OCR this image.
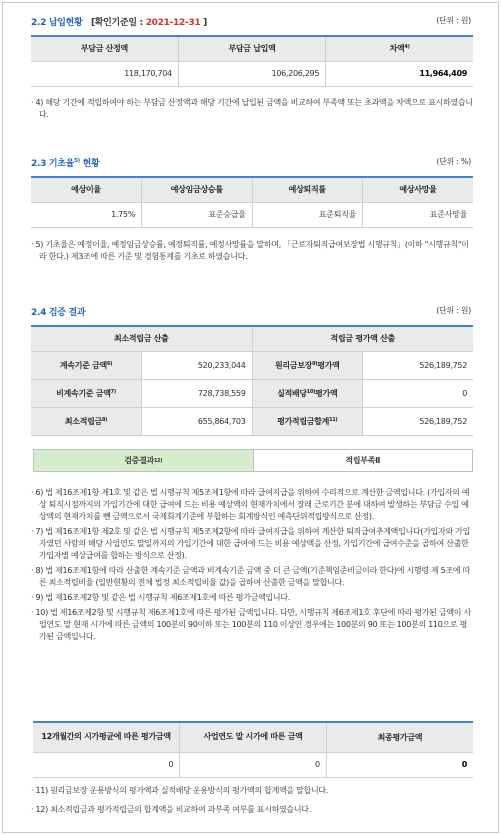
2.2 납입현황 [확인기준일 : 2021-12-31 ]	(단위 : 원)
부담금 산정액	부담금 납입액	차액$^{4)}$
118,170,704	106,206,295	11,964,409

· 4) 해당 기간에 적립하여야 하는 부담금 산정액과 해당 기간에 납입된 금액을 비교하여 부족액 또는 초과액을 차액으로 표시하였습니다.

2.3 기초율$^{5)}$ 현황	(단위 : %)
예상이율	예상임금상승률	예상퇴직률	예상사망율
1.75%	표준승급율	표준퇴직율	표준사망율

· 5) 기초율은 예정이율, 예정임금상승률, 예정퇴직률, 예정사망률을 말하며, 「근로자퇴직급여보장법 시행규칙」(이하 "시행규칙"이라 한다.) 제3조에 따른 기준 및 경험통계를 기초로 하였습니다.

2.4 검증 결과	(단위 : 원)
최소적립금 산출		적립금 평가액 산출	
계속기준 금액$^{6)}$	520,233,044	원리금보장$^{9)}$평가액	526,189,752
비계속기준 금액$^{7)}$	728,738,559	실적배당$^{10)}$평가액	0
최소적립금$^{8)}$	655,864,703	평가적립금합계$^{11)}$	526,189,752
검증결과 12)	적립부족Ⅱ

· 6) 법 제16조제1항 제1호 및 같은 법 시행규칙 제5조제1항에 따라 급여지급을 위하여 수리적으로 계산한 금액입니다. (가입자의 예상 퇴직시점까지의 가입기간에 대한 급여에 드는 비용 예상액의 현재가치에서 장래 근로기간 분에 대하여 발생하는 부담금 수입 예상액의 현재가치를 뺀 금액으로서 국제회계기준에 부합하는 회계방식인 예측단위적립방식으로 산정).

· 7) 법 제16조제1항 제2호 및 같은 법 시행규칙 제5조제2항에 따라 급여지급을 위하여 계산한 퇴직급여추계액입니다(가입자와 가입자였던 사람의 해당 사업연도 말일까지의 가입기간에 대한 급여에 드는 비용 예상액을 산정, 가입기간에 급여수준을 곱하여 산출한 가입자별 예상급여를 합하는 방식으로 산정).

· 8) 법 제16조제1항에 따라 산출한 계속기준 금액과 비계속기준 금액 중 더 큰 금액(기준책임준비금이라 한다)에 시행령 제 5조에 따른 최소적립비율 (일반현황의 전체 법정 최소적립비율 값)을 곱하여 산출한 금액을 말합니다.

· 9) 법 제16조제2항 및 같은 법 시행규칙 제6조제1호에 따른 평가금액입니다.

· 10) 법 제16조제2항 및 시행규칙 제6조제1호에 따른 평가된 금액입니다. 다만, 시행규칙 제6조제1호 후단에 따라 평가된 금액이 사업연도 말 현재 시가에 따른 금액의 100분의 90이하 또는 100분의 110 이상인 경우에는 100분의 90 또는 100분의 110으로 평가된 금액입니다.

12개월간의 시가평균에 따른 평가금액	사업연도 말 시가에 따른 금액	최종평가금액
0	0	0

· 11) 원리금보장 운용방식의 평가액과 실적배당 운용방식의 평가액의 합계액을 말합니다.

· 12) 최소적립금과 평가적립금의 합계액을 비교하여 과부족 여부를 표시하였습니다.
